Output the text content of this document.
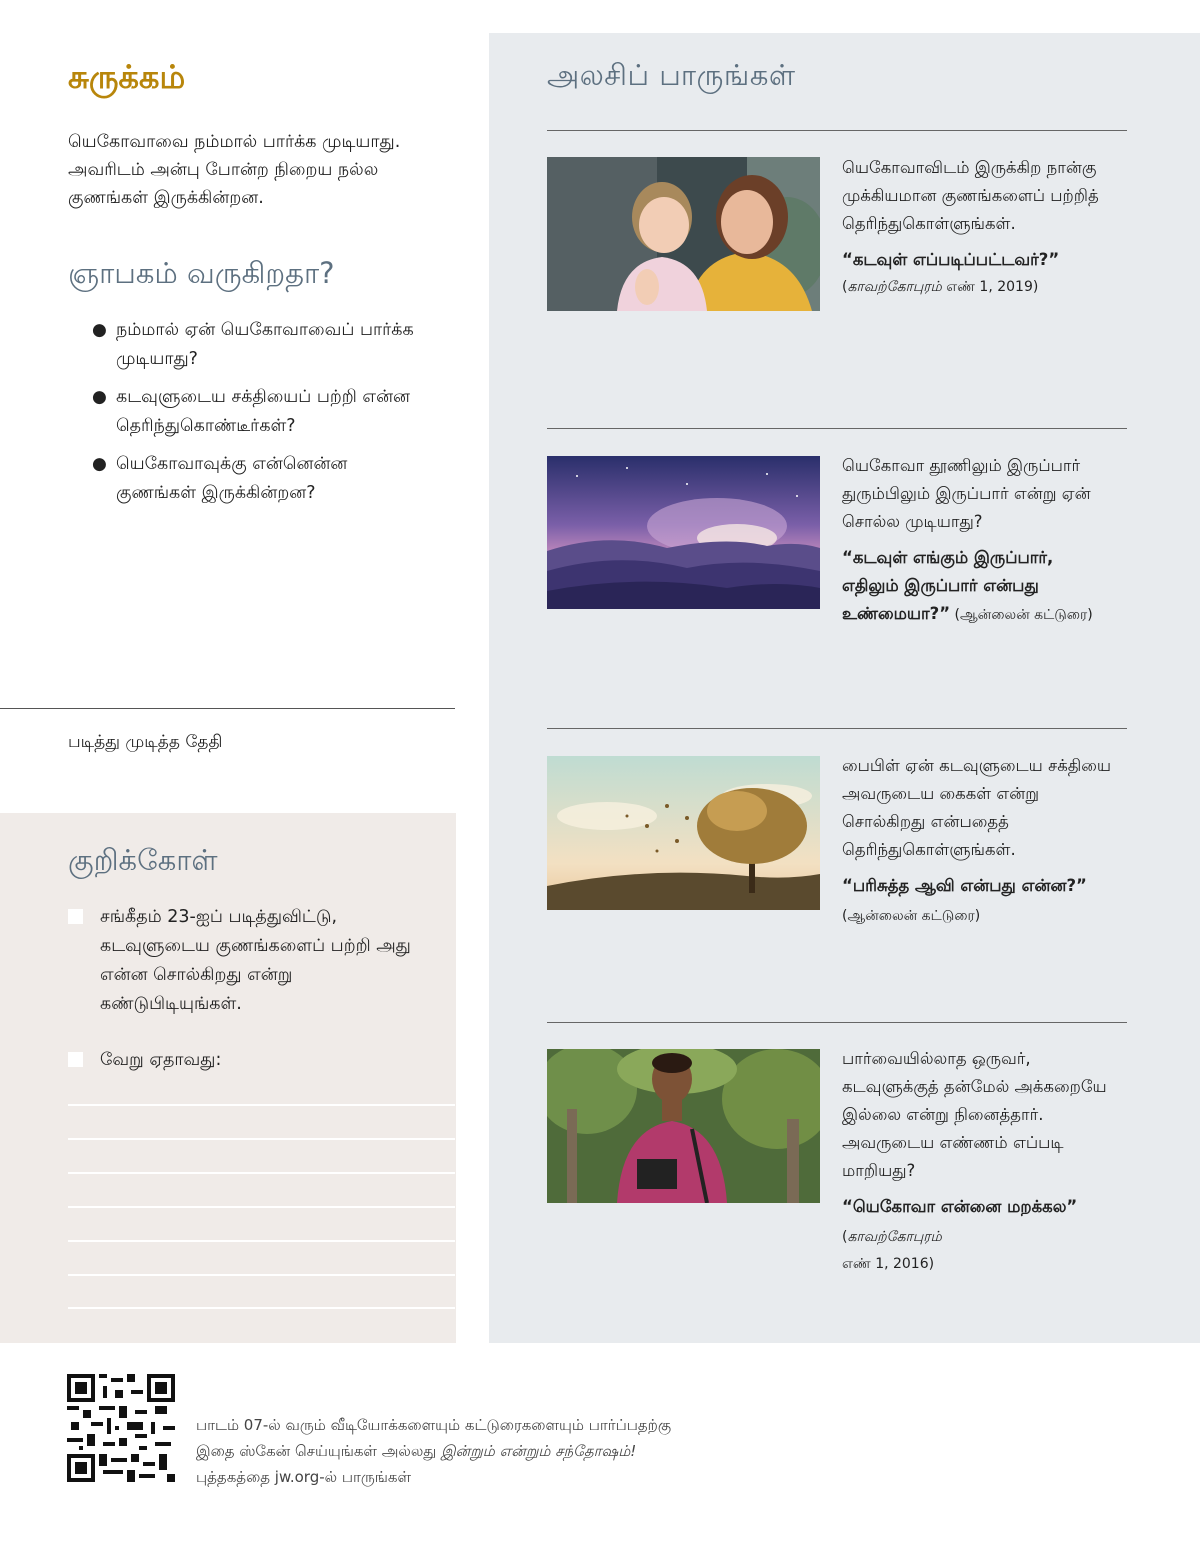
சுருக்கம்

யெகோவாவை நம்மால் பார்க்க முடியாது. அவரிடம் அன்பு போன்ற நிறைய நல்ல குணங்கள் இருக்கின்றன.

ஞாபகம் வருகிறதா?
● நம்மால் ஏன் யெகோவாவைப் பார்க்க முடியாது?
● கடவுளுடைய சக்தியைப் பற்றி என்ன தெரிந்துகொண்டீர்கள்?
● யெகோவாவுக்கு என்னென்ன குணங்கள் இருக்கின்றன?
படித்து முடித்த தேதி
குறிக்கோள்
சங்கீதம் 23-ஐப் படித்துவிட்டு, கடவுளுடைய குணங்களைப் பற்றி அது என்ன சொல்கிறது என்று கண்டுபிடியுங்கள்.
வேறு ஏதாவது:
அலசிப் பாருங்கள்

யெகோவாவிடம் இருக்கிற நான்கு முக்கியமான குணங்களைப் பற்றித் தெரிந்துகொள்ளுங்கள்.

“கடவுள் எப்படிப்பட்டவர்?”

(காவற்கோபுரம் எண் 1, 2019)

யெகோவா தூணிலும் இருப்பார் துரும்பிலும் இருப்பார் என்று ஏன் சொல்ல முடியாது?

“கடவுள் எங்கும் இருப்பார், எதிலும் இருப்பார் என்பது உண்மையா?” (ஆன்லைன் கட்டுரை)

பைபிள் ஏன் கடவுளுடைய சக்தியை அவருடைய கைகள் என்று சொல்கிறது என்பதைத் தெரிந்துகொள்ளுங்கள்.

“பரிசுத்த ஆவி என்பது என்ன?” (ஆன்லைன் கட்டுரை)

பார்வையில்லாத ஒருவர், கடவுளுக்குத் தன்மேல் அக்கறையே இல்லை என்று நினைத்தார். அவருடைய எண்ணம் எப்படி மாறியது?

“யெகோவா என்னை மறக்கல” (காவற்கோபுரம்

எண் 1, 2016)

பாடம் 07-ல் வரும் வீடியோக்களையும் கட்டுரைகளையும் பார்ப்பதற்கு இதை ஸ்கேன் செய்யுங்கள் அல்லது இன்றும் என்றும் சந்தோஷம்! புத்தகத்தை jw.org-ல் பாருங்கள்
